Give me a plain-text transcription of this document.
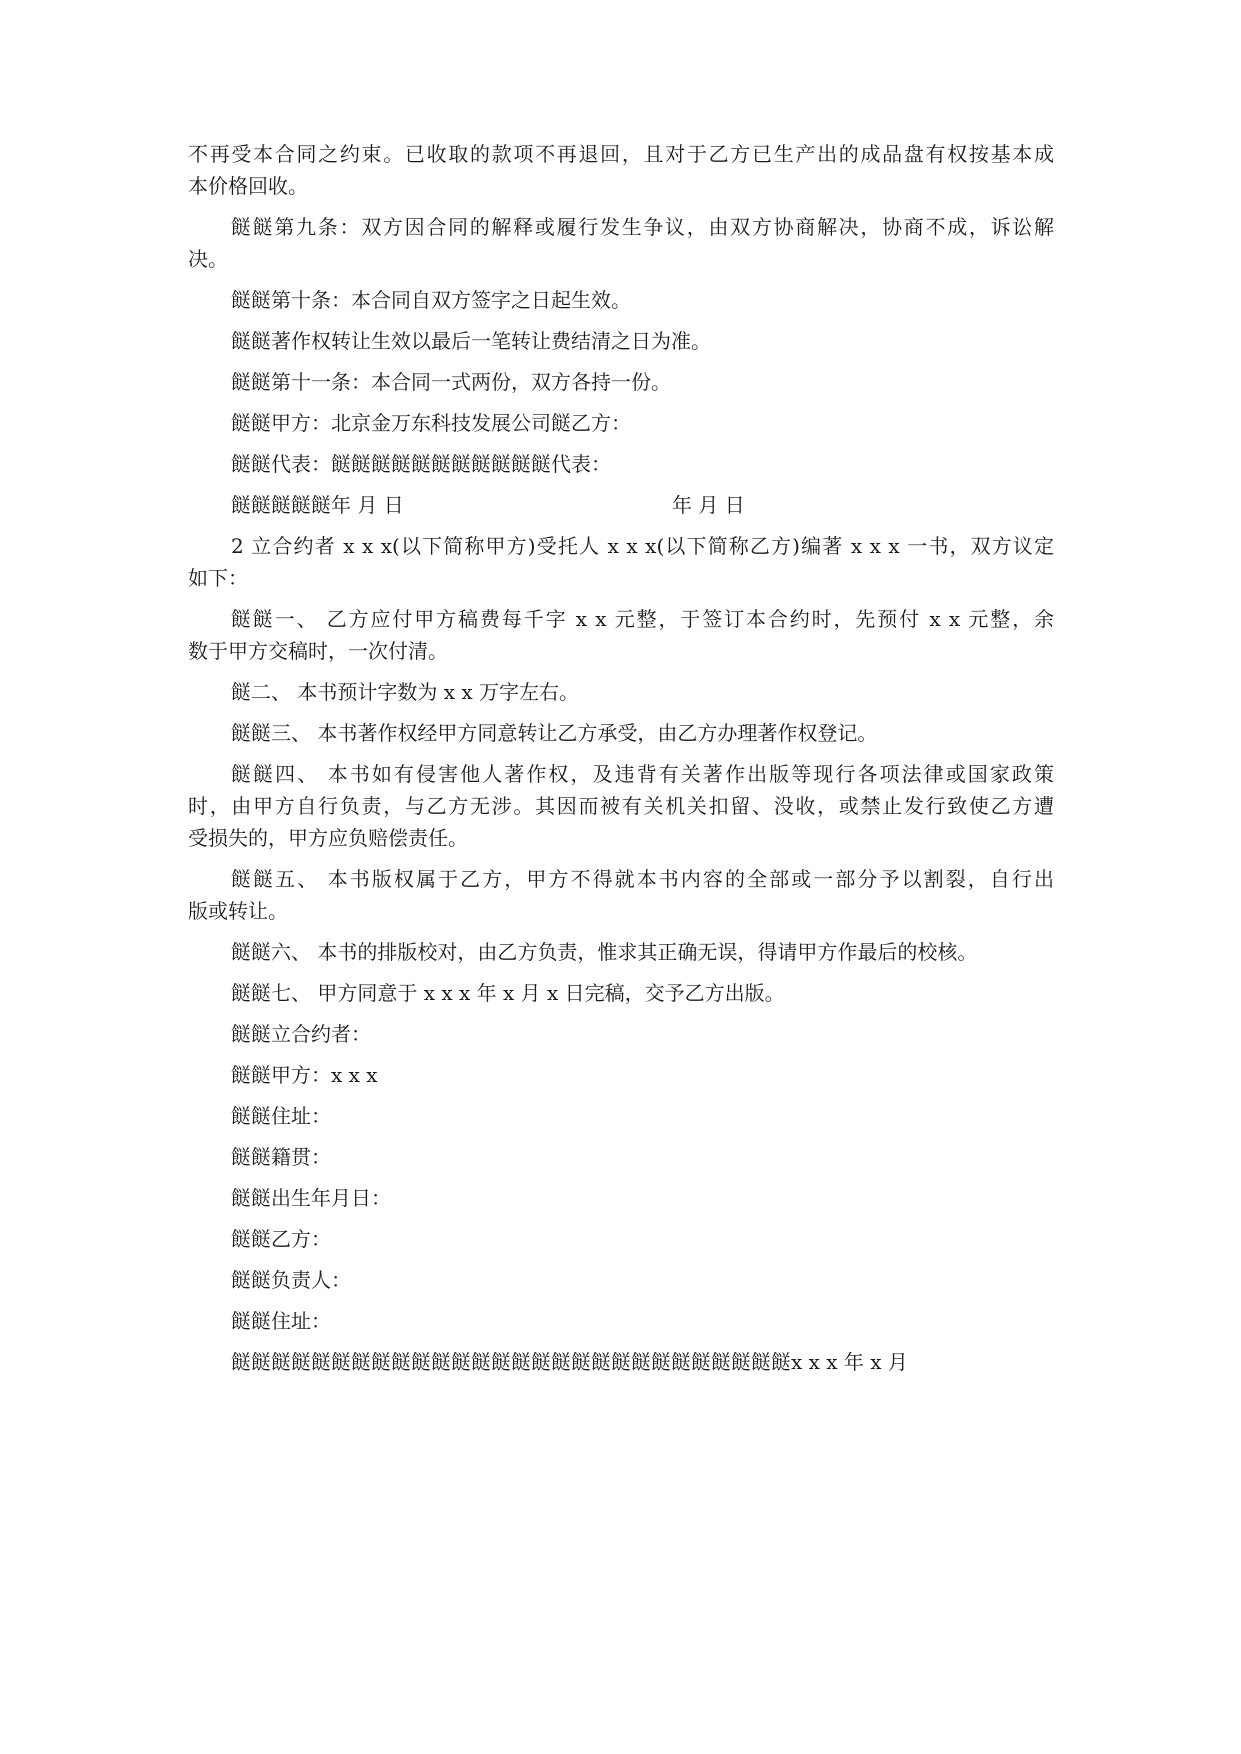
不再受本合同之约束。已收取的款项不再退回，且对于乙方已生产出的成品盘有权按基本成
本价格回收。
餸餸第九条：双方因合同的解释或履行发生争议，由双方协商解决，协商不成，诉讼解
决。
餸餸第十条：本合同自双方签字之日起生效。
餸餸著作权转让生效以最后一笔转让费结清之日为准。
餸餸第十一条：本合同一式两份，双方各持一份。
餸餸甲方：北京金万东科技发展公司餸乙方：
餸餸代表：餸餸餸餸餸餸餸餸餸餸餸代表：
餸餸餸餸餸年 月 日	年 月 日
2 立合约者 x x x(以下简称甲方)受托人 x x x(以下简称乙方)编著 x x x 一书，双方议定
如下：
餸餸一、 乙方应付甲方稿费每千字 x x 元整，于签订本合约时，先预付 x x 元整，余
数于甲方交稿时，一次付清。
餸二、 本书预计字数为 x x 万字左右。
餸餸三、 本书著作权经甲方同意转让乙方承受，由乙方办理著作权登记。
餸餸四、 本书如有侵害他人著作权，及违背有关著作出版等现行各项法律或国家政策
时，由甲方自行负责，与乙方无涉。其因而被有关机关扣留、没收，或禁止发行致使乙方遭
受损失的，甲方应负赔偿责任。
餸餸五、 本书版权属于乙方，甲方不得就本书内容的全部或一部分予以割裂，自行出
版或转让。
餸餸六、 本书的排版校对，由乙方负责，惟求其正确无误，得请甲方作最后的校核。
餸餸七、 甲方同意于 x x x 年 x 月 x 日完稿，交予乙方出版。
餸餸立合约者：
餸餸甲方：x x x
餸餸住址：
餸餸籍贯：
餸餸出生年月日：
餸餸乙方：
餸餸负责人：
餸餸住址：
餸餸餸餸餸餸餸餸餸餸餸餸餸餸餸餸餸餸餸餸餸餸餸餸餸餸餸餸x x x 年 x 月
